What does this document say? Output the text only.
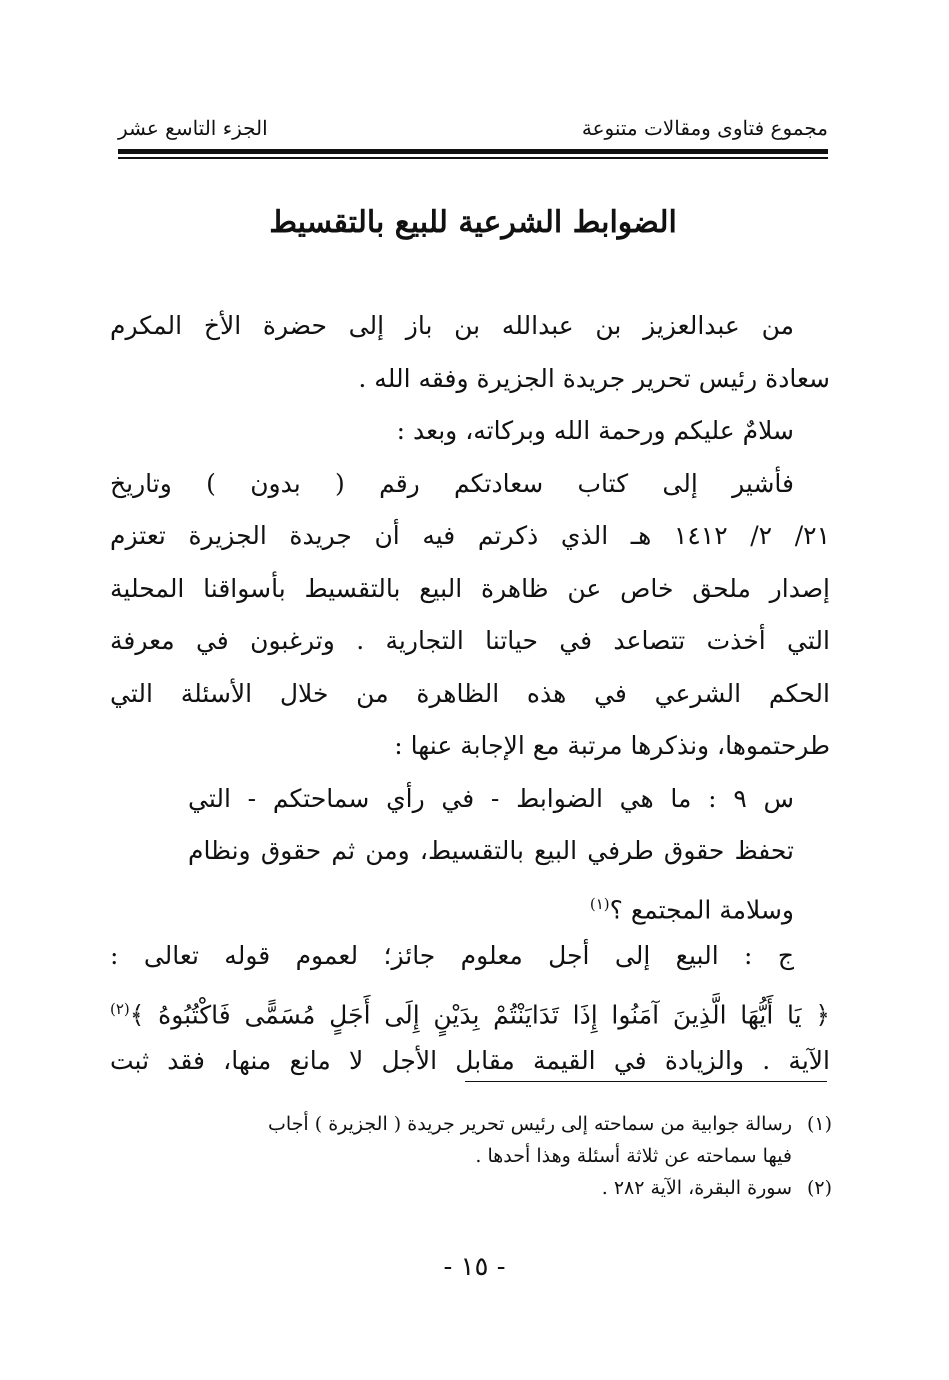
مجموع فتاوى ومقالات متنوعة
الجزء التاسع عشر
الضوابط الشرعية للبيع بالتقسيط
من عبدالعزيز بن عبدالله بن باز إلى حضرة الأخ المكرم
سعادة رئيس تحرير جريدة الجزيرة وفقه الله .
سلامٌ عليكم ورحمة الله وبركاته، وبعد :
فأشير إلى كتاب سعادتكم رقم ( بدون ) وتاريخ
٢١/ ٢/ ١٤١٢ هـ الذي ذكرتم فيه أن جريدة الجزيرة تعتزم
إصدار ملحق خاص عن ظاهرة البيع بالتقسيط بأسواقنا المحلية
التي أخذت تتصاعد في حياتنا التجارية . وترغبون في معرفة
الحكم الشرعي في هذه الظاهرة من خلال الأسئلة التي
طرحتموها، ونذكرها مرتبة مع الإجابة عنها :
س ٩ : ما هي الضوابط - في رأي سماحتكم - التي
تحفظ حقوق طرفي البيع بالتقسيط، ومن ثم حقوق ونظام
وسلامة المجتمع ؟$^{(١)}$
ج : البيع إلى أجل معلوم جائز؛ لعموم قوله تعالى :
﴿ يَا أَيُّهَا الَّذِينَ آمَنُوا إِذَا تَدَايَنْتُمْ بِدَيْنٍ إِلَى أَجَلٍ مُسَمًّى فَاكْتُبُوهُ ﴾$^{(٢)}$
الآية . والزيادة في القيمة مقابل الأجل لا مانع منها، فقد ثبت
(١)رسالة جوابية من سماحته إلى رئيس تحرير جريدة ( الجزيرة ) أجاب
فيها سماحته عن ثلاثة أسئلة وهذا أحدها .
(٢)سورة البقرة، الآية ٢٨٢ .
- ١٥ -
